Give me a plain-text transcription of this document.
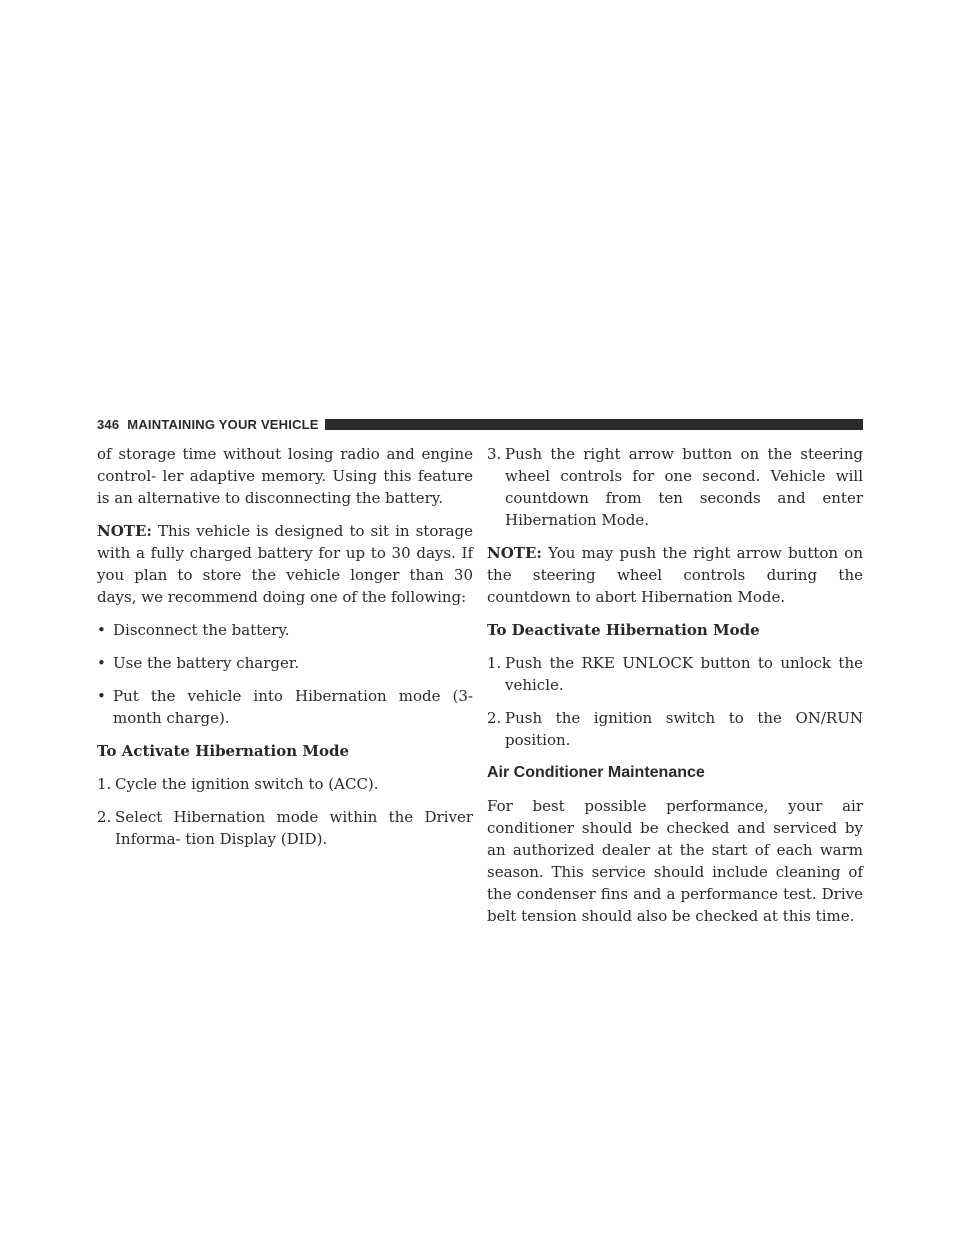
346 MAINTAINING YOUR VEHICLE

of storage time without losing radio and engine control- ler adaptive memory. Using this feature is an alternative to disconnecting the battery.

NOTE: This vehicle is designed to sit in storage with a fully charged battery for up to 30 days. If you plan to store the vehicle longer than 30 days, we recommend doing one of the following:

• Disconnect the battery.

• Use the battery charger.

• Put the vehicle into Hibernation mode (3-month charge).

To Activate Hibernation Mode

1. Cycle the ignition switch to (ACC).

2. Select Hibernation mode within the Driver Informa- tion Display (DID).

3. Push the right arrow button on the steering wheel controls for one second. Vehicle will countdown from ten seconds and enter Hibernation Mode.

NOTE: You may push the right arrow button on the steering wheel controls during the countdown to abort Hibernation Mode.

To Deactivate Hibernation Mode

1. Push the RKE UNLOCK button to unlock the vehicle.

2. Push the ignition switch to the ON/RUN position.

Air Conditioner Maintenance

For best possible performance, your air conditioner should be checked and serviced by an authorized dealer at the start of each warm season. This service should include cleaning of the condenser fins and a performance test. Drive belt tension should also be checked at this time.
